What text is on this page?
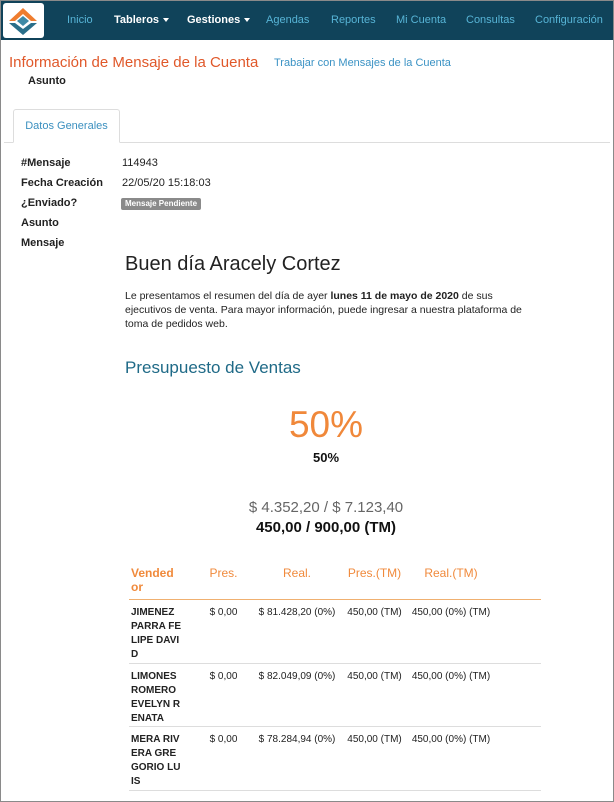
Inicio Tableros	Gestiones	Agendas Reportes Mi Cuenta Consultas Configuración
Información de Mensaje de la Cuenta Trabajar con Mensajes de la Cuenta
Asunto
Datos Generales
#Mensaje	114943
Fecha Creación 22/05/20 15:18:03
¿Enviado?	Mensaje Pendiente
Asunto
Mensaje
Buen día Aracely Cortez

Le presentamos el resumen del día de ayer lunes 11 de mayo de 2020 de sus ejecutivos de venta. Para mayor información, puede ingresar a nuestra plataforma de toma de pedidos web.

Presupuesto de Ventas
50%
50%
$ 4.352,20 / $ 7.123,40
450,00 / 900,00 (TM)
Vendedor	Pres.	Real.	Pres.(TM)	Real.(TM)	
JIMENEZ PARRA FELIPE DAVID	$ 0,00	$ 81.428,20 (0%)	450,00 (TM)	450,00 (0%) (TM)	
LIMONES ROMERO EVELYN RENATA	$ 0,00	$ 82.049,09 (0%)	450,00 (TM)	450,00 (0%) (TM)	
MERA RIVERA GREGORIO LUIS	$ 0,00	$ 78.284,94 (0%)	450,00 (TM)	450,00 (0%) (TM)	
